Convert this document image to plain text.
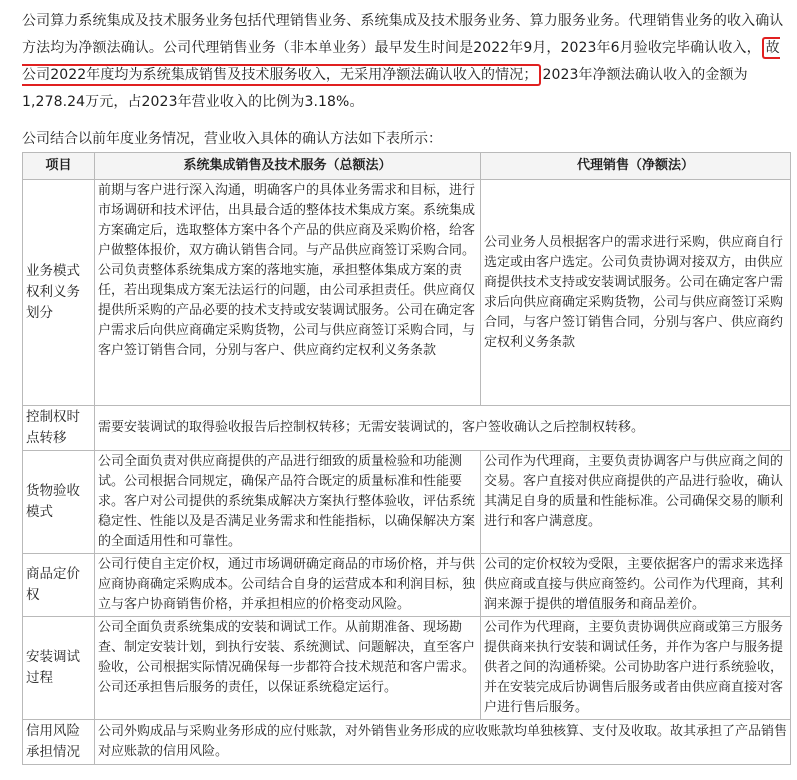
公司算力系统集成及技术服务业务包括代理销售业务、系统集成及技术服务业务、算力服务业务。代理销售业务的收入确认方法均为净额法确认。公司代理销售业务（非本单业务）最早发生时间是2022年9月，2023年6月验收完毕确认收入， 故公司2022年度均为系统集成销售及技术服务收入，无采用净额法确认收入的情况； 2023年净额法确认收入的金额为1,278.24万元，占2023年营业收入的比例为3.18%。
公司结合以前年度业务情况，营业收入具体的确认方法如下表所示：
项目	系统集成销售及技术服务（总额法）	代理销售（净额法）
业务模式权利义务划分	前期与客户进行深入沟通，明确客户的具体业务需求和目标，进行市场调研和技术评估，出具最合适的整体技术集成方案。系统集成方案确定后，选取整体方案中各个产品的供应商及采购价格，给客户做整体报价，双方确认销售合同。与产品供应商签订采购合同。公司负责整体系统集成方案的落地实施，承担整体集成方案的责任，若出现集成方案无法运行的问题，由公司承担责任。供应商仅提供所采购的产品必要的技术支持或安装调试服务。公司在确定客户需求后向供应商确定采购货物，公司与供应商签订采购合同，与客户签订销售合同，分别与客户、供应商约定权利义务条款	公司业务人员根据客户的需求进行采购，供应商自行选定或由客户选定。公司负责协调对接双方，由供应商提供技术支持或安装调试服务。公司在确定客户需求后向供应商确定采购货物，公司与供应商签订采购合同，与客户签订销售合同，分别与客户、供应商约定权利义务条款
控制权时点转移	需要安装调试的取得验收报告后控制权转移；无需安装调试的，客户签收确认之后控制权转移。	
货物验收模式	公司全面负责对供应商提供的产品进行细致的质量检验和功能测试。公司根据合同规定，确保产品符合既定的质量标准和性能要求。客户对公司提供的系统集成解决方案执行整体验收，评估系统稳定性、性能以及是否满足业务需求和性能指标，以确保解决方案的全面适用性和可靠性。	公司作为代理商，主要负责协调客户与供应商之间的交易。客户直接对供应商提供的产品进行验收，确认其满足自身的质量和性能标准。公司确保交易的顺利进行和客户满意度。
商品定价权	公司行使自主定价权，通过市场调研确定商品的市场价格，并与供应商协商确定采购成本。公司结合自身的运营成本和利润目标，独立与客户协商销售价格，并承担相应的价格变动风险。	公司的定价权较为受限，主要依据客户的需求来选择供应商或直接与供应商签约。公司作为代理商，其利润来源于提供的增值服务和商品差价。
安装调试过程	公司全面负责系统集成的安装和调试工作。从前期准备、现场勘查、制定安装计划，到执行安装、系统测试、问题解决，直至客户验收，公司根据实际情况确保每一步都符合技术规范和客户需求。公司还承担售后服务的责任，以保证系统稳定运行。	公司作为代理商，主要负责协调供应商或第三方服务提供商来执行安装和调试任务，并作为客户与服务提供者之间的沟通桥梁。公司协助客户进行系统验收，并在安装完成后协调售后服务或者由供应商直接对客户进行售后服务。
信用风险承担情况	公司外购成品与采购业务形成的应付账款，对外销售业务形成的应收账款均单独核算、支付及收取。故其承担了产品销售对应账款的信用风险。	
